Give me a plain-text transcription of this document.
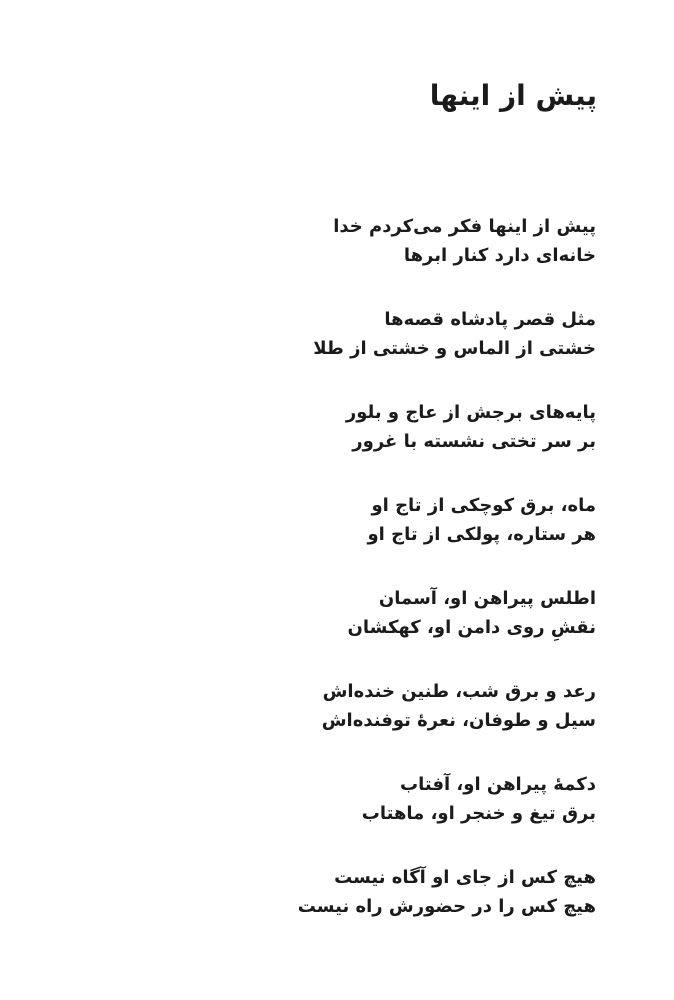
پیش از اینها

پیش از اینها فکر می‌کردم خدا
خانه‌ای دارد کنار ابرها

مثل قصر پادشاه قصه‌ها
خشتی از الماس و خشتی از طلا

پایه‌های برجش از عاج و بلور
بر سر تختی نشسته با غرور

ماه، برق کوچکی از تاج او
هر ستاره، پولکی از تاج او

اطلس پیراهن او، آسمان
نقشِ روی دامن او، کهکشان

رعد و برق شب، طنین خنده‌اش
سیل و طوفان، نعرهٔ توفنده‌اش

دکمهٔ پیراهن او، آفتاب
برق تیغ و خنجر او، ماهتاب

هیچ کس از جای او آگاه نیست
هیچ کس را در حضورش راه نیست
